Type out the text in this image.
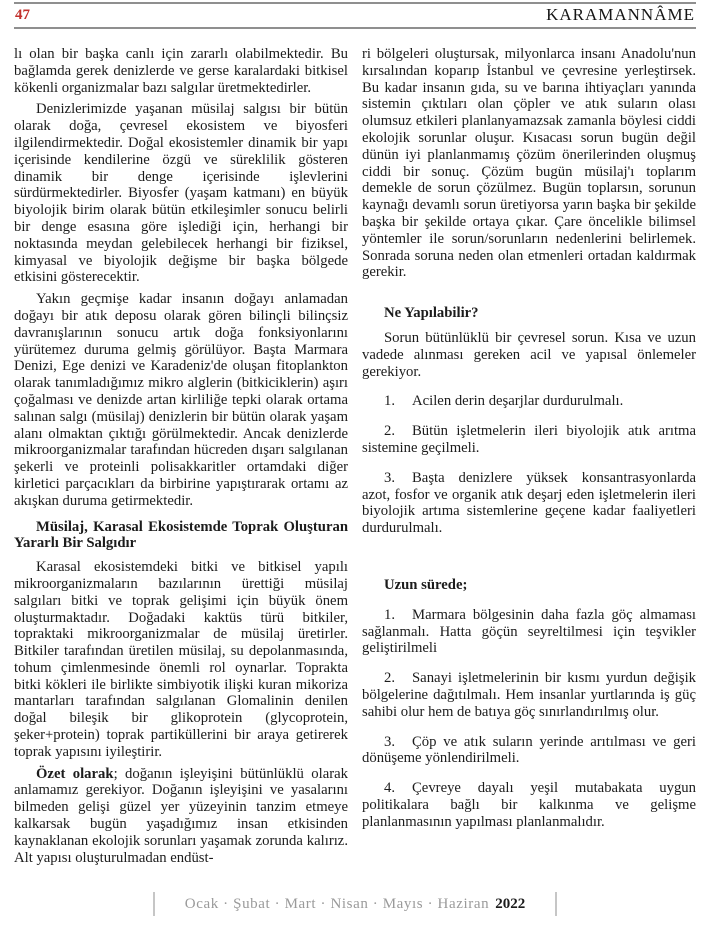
47	KARAMANNÂME

lı olan bir başka canlı için zararlı olabilmektedir. Bu bağlamda gerek denizlerde ve gerse karalardaki bitkisel kökenli organizmalar bazı salgılar üretmektedirler.

Denizlerimizde yaşanan müsilaj salgısı bir bütün olarak doğa, çevresel ekosistem ve biyosferi ilgilendirmektedir. Doğal ekosistemler dinamik bir yapı içerisinde kendilerine özgü ve süreklilik gösteren dinamik bir denge içerisinde işlevlerini sürdürmektedirler. Biyosfer (yaşam katmanı) en büyük biyolojik birim olarak bütün etkileşimler sonucu belirli bir denge esasına göre işlediği için, herhangi bir noktasında meydan gelebilecek herhangi bir fiziksel, kimyasal ve biyolojik değişme bir başka bölgede etkisini gösterecektir.

Yakın geçmişe kadar insanın doğayı anlamadan doğayı bir atık deposu olarak gören bilinçli bilinçsiz davranışlarının sonucu artık doğa fonksiyonlarını yürütemez duruma gelmiş görülüyor. Başta Marmara Denizi, Ege denizi ve Karadeniz'de oluşan fitoplankton olarak tanımladığımız mikro alglerin (bitkiciklerin) aşırı çoğalması ve denizde artan kirliliğe tepki olarak ortama salınan salgı (müsilaj) denizlerin bir bütün olarak yaşam alanı olmaktan çıktığı görülmektedir. Ancak denizlerde mikroorganizmalar tarafından hücreden dışarı salgılanan şekerli ve proteinli polisakkaritler ortamdaki diğer kirletici parçacıkları da birbirine yapıştırarak ortamı az akışkan duruma getirmektedir.

Müsilaj, Karasal Ekosistemde Toprak Oluşturan Yararlı Bir Salgıdır

Karasal ekosistemdeki bitki ve bitkisel yapılı mikroorganizmaların bazılarının ürettiği müsilaj salgıları bitki ve toprak gelişimi için büyük önem oluşturmaktadır. Doğadaki kaktüs türü bitkiler, topraktaki mikroorganizmalar de müsilaj üretirler. Bitkiler tarafından üretilen müsilaj, su depolanmasında, tohum çimlenmesinde önemli rol oynarlar. Toprakta bitki kökleri ile birlikte simbiyotik ilişki kuran mikoriza mantarları tarafından salgılanan Glomalinin denilen doğal bileşik bir glikoprotein (glycoprotein, şeker+protein) toprak partiküllerini bir araya getirerek toprak yapısını iyileştirir.

Özet olarak; doğanın işleyişini bütünlüklü olarak anlamamız gerekiyor. Doğanın işleyişini ve yasalarını bilmeden gelişi güzel yer yüzeyinin tanzim etmeye kalkarsak bugün yaşadığımız insan etkisinden kaynaklanan ekolojik sorunları yaşamak zorunda kalırız. Alt yapısı oluşturulmadan endüst-

ri bölgeleri oluştursak, milyonlarca insanı Anadolu'nun kırsalından koparıp İstanbul ve çevresine yerleştirsek. Bu kadar insanın gıda, su ve barına ihtiyaçları yanında sistemin çıktıları olan çöpler ve atık suların olası olumsuz etkileri planlanyamazsak zamanla böylesi ciddi ekolojik sorunlar oluşur. Kısacası sorun bugün değil dünün iyi planlanmamış çözüm önerilerinden oluşmuş ciddi bir sonuç. Çözüm bugün müsilaj'ı toplarım demekle de sorun çözülmez. Bugün toplarsın, sorunun kaynağı devamlı sorun üretiyorsa yarın başka bir şekilde başka bir şekilde ortaya çıkar. Çare öncelikle bilimsel yöntemler ile sorun/sorunların nedenlerini belirlemek. Sonrada soruna neden olan etmenleri ortadan kaldırmak gerekir.

Ne Yapılabilir?

Sorun bütünlüklü bir çevresel sorun. Kısa ve uzun vadede alınması gereken acil ve yapısal önlemeler gerekiyor.

1. Acilen derin deşarjlar durdurulmalı.

2. Bütün işletmelerin ileri biyolojik atık arıtma sistemine geçilmeli.

3. Başta denizlere yüksek konsantrasyonlarda azot, fosfor ve organik atık deşarj eden işletmelerin ileri biyolojik artıma sistemlerine geçene kadar faaliyetleri durdurulmalı.

Uzun sürede;

1. Marmara bölgesinin daha fazla göç almaması sağlanmalı. Hatta göçün seyreltilmesi için teşvikler geliştirilmeli

2. Sanayi işletmelerinin bir kısmı yurdun değişik bölgelerine dağıtılmalı. Hem insanlar yurtlarında iş güç sahibi olur hem de batıya göç sınırlandırılmış olur.

3. Çöp ve atık suların yerinde arıtılması ve geri dönüşeme yönlendirilmeli.

4. Çevreye dayalı yeşil mutabakata uygun politikalara bağlı bir kalkınma ve gelişme planlanmasının yapılması planlanmalıdır.

Ocak · Şubat · Mart · Nisan · Mayıs · Haziran 2022
